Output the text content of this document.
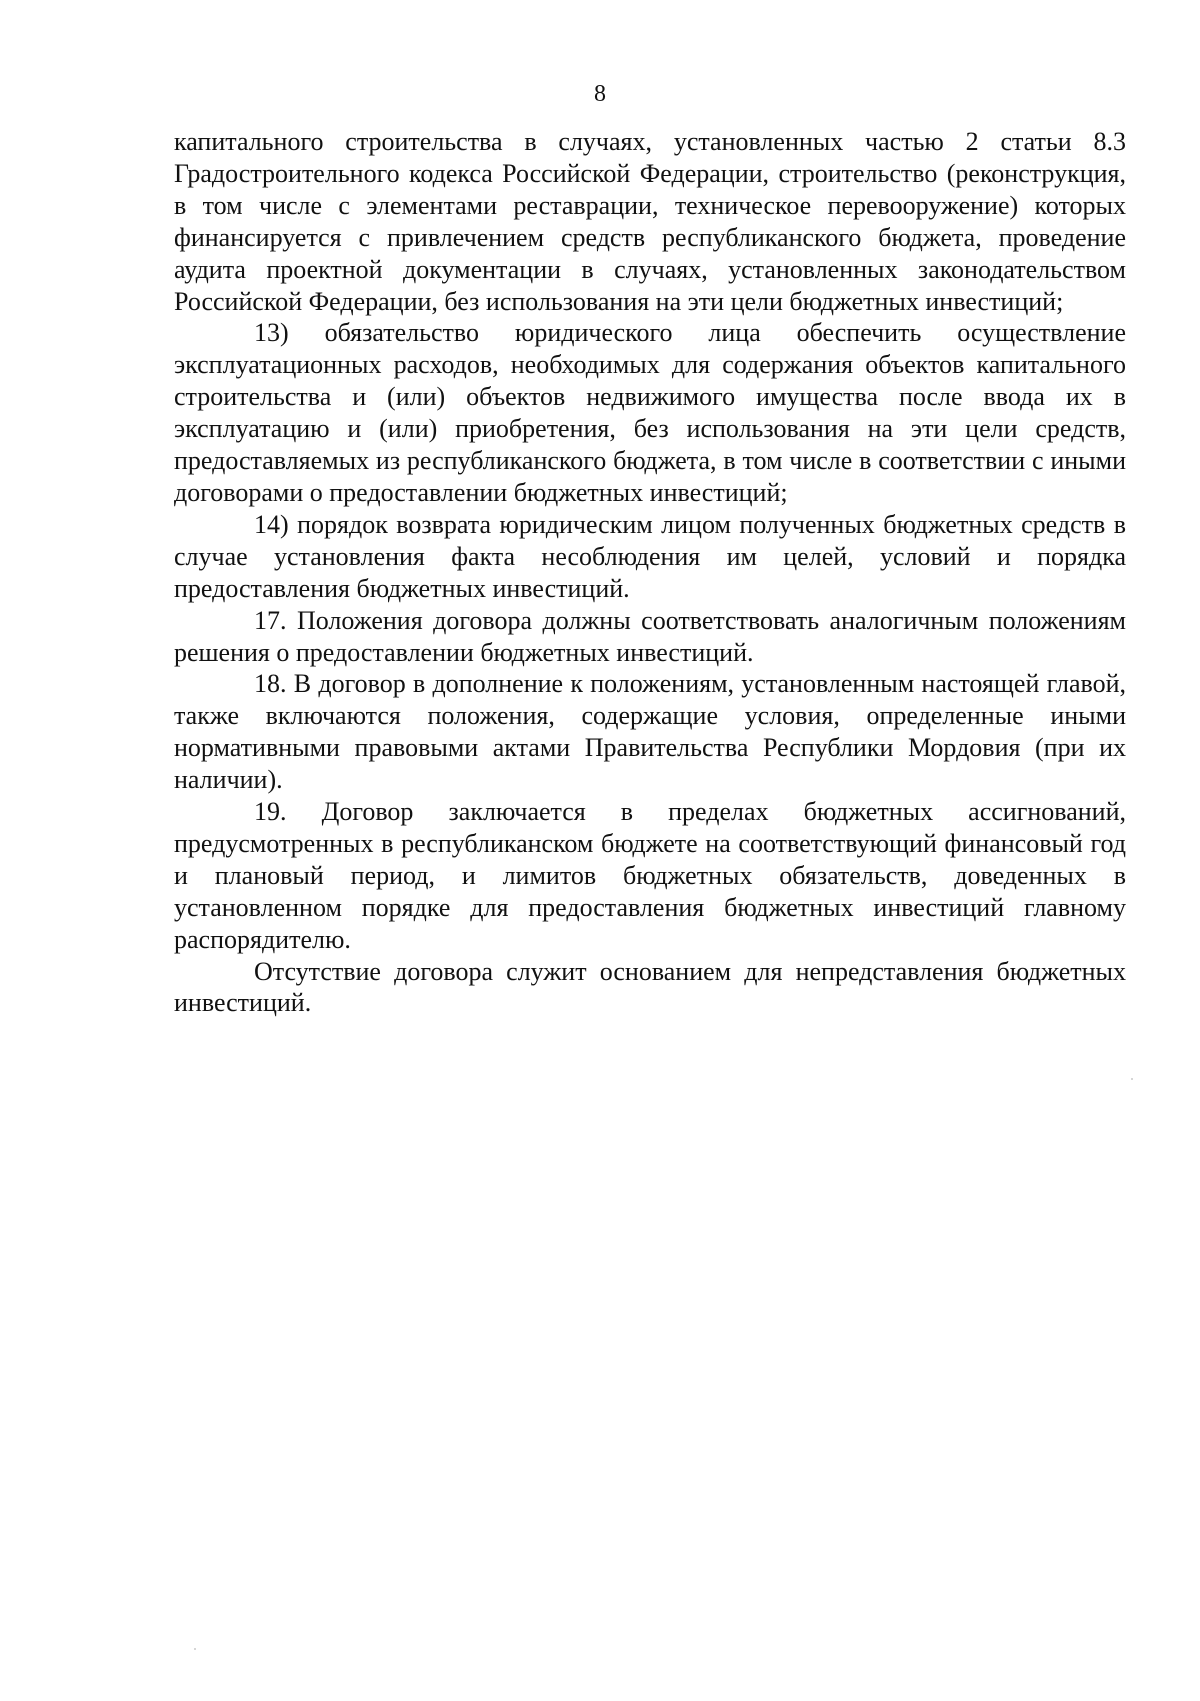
8

капитального строительства в случаях, установленных частью 2 статьи 8.3 Градостроительного кодекса Российской Федерации, строительство (реконструкция, в том числе с элементами реставрации, техническое перевооружение) которых финансируется с привлечением средств республиканского бюджета, проведение аудита проектной документации в случаях, установленных законодательством Российской Федерации, без использования на эти цели бюджетных инвестиций;

13) обязательство юридического лица обеспечить осуществление эксплуатационных расходов, необходимых для содержания объектов капитального строительства и (или) объектов недвижимого имущества после ввода их в эксплуатацию и (или) приобретения, без использования на эти цели средств, предоставляемых из республиканского бюджета, в том числе в соответствии с иными договорами о предоставлении бюджетных инвестиций;

14) порядок возврата юридическим лицом полученных бюджетных средств в случае установления факта несоблюдения им целей, условий и порядка предоставления бюджетных инвестиций.

17. Положения договора должны соответствовать аналогичным положениям решения о предоставлении бюджетных инвестиций.

18. В договор в дополнение к положениям, установленным настоящей главой, также включаются положения, содержащие условия, определенные иными нормативными правовыми актами Правительства Республики Мордовия (при их наличии).

19. Договор заключается в пределах бюджетных ассигнований, предусмотренных в республиканском бюджете на соответствующий финансовый год и плановый период, и лимитов бюджетных обязательств, доведенных в установленном порядке для предоставления бюджетных инвестиций главному распорядителю.

Отсутствие договора служит основанием для непредставления бюджетных инвестиций.
